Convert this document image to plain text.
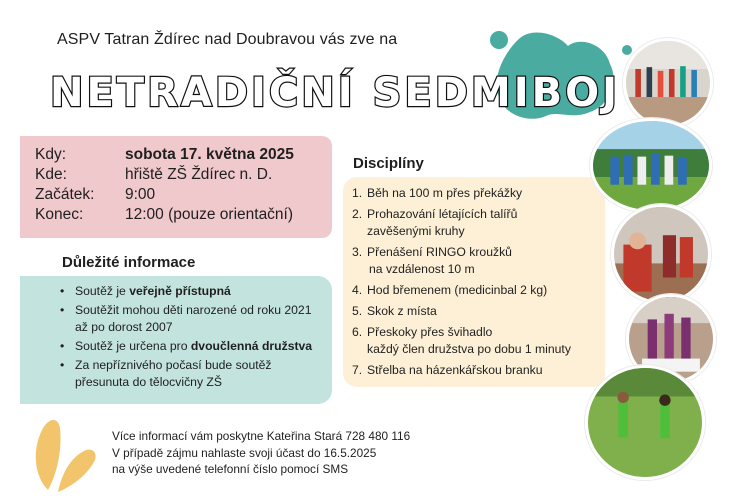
ASPV Tatran Ždírec nad Doubravou vás zve na
NETRADIČNÍ SEDMIBOJ
Kdy:	sobota 17. května 2025
Kde:	hřiště ZŠ Ždírec n. D.
Začátek: 9:00
Konec:	12:00 (pouze orientační)
Důležité informace
• Soutěž je veřejně přístupná
• Soutěžit mohou děti narozené od roku 2021 až po dorost 2007
• Soutěž je určena pro dvoučlenná družstva
• Za nepříznivého počasí bude soutěž přesunuta do tělocvičny ZŠ
Disciplíny
1. Běh na 100 m přes překážky
2. Prohazování létajících talířů
zavěšenými kruhy
3. Přenášení RINGO kroužků
na vzdálenost 10 m
4. Hod břemenem (medicinbal 2 kg)
5. Skok z místa
6. Přeskoky přes švihadlo
každý člen družstva po dobu 1 minuty
7. Střelba na házenkářskou branku
Více informací vám poskytne Kateřina Stará 728 480 116
V případě zájmu nahlaste svoji účast do 16.5.2025
na výše uvedené telefonní číslo pomocí SMS
